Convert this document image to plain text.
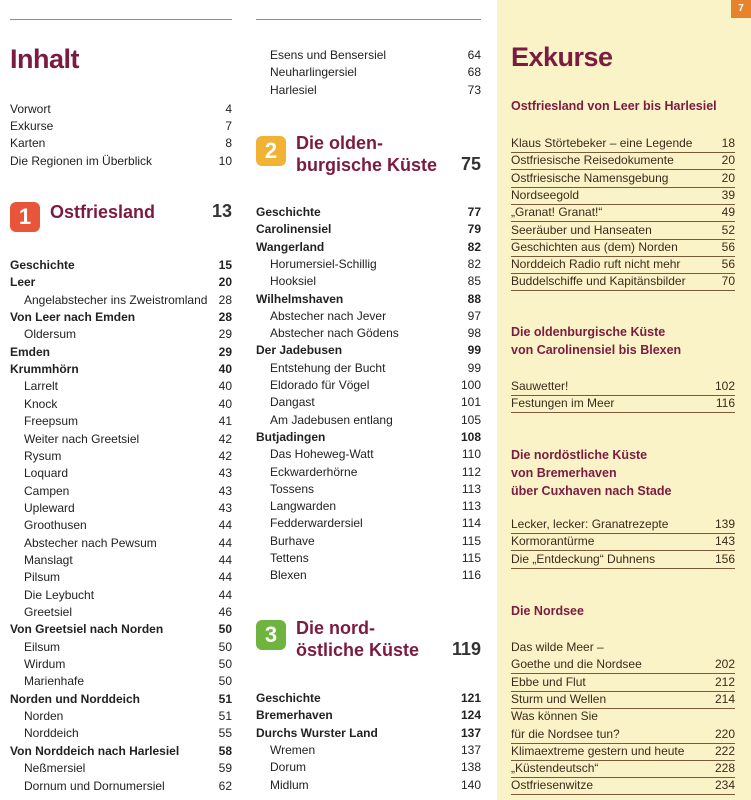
Inhalt
Vorwort	4
Exkurse	7
Karten	8
Die Regionen im Überblick	10
1	Ostfriesland	13
Geschichte	15
Leer	20
Angelabstecher ins Zweistromland 28
Von Leer nach Emden	28
Oldersum	29
Emden	29
Krummhörn	40
Larrelt	40
Knock	40
Freepsum	41
Weiter nach Greetsiel	42
Rysum	42
Loquard	43
Campen	43
Upleward	43
Groothusen	44
Abstecher nach Pewsum	44
Manslagt	44
Pilsum	44
Die Leybucht	44
Greetsiel	46
Von Greetsiel nach Norden	50
Eilsum	50
Wirdum	50
Marienhafe	50
Norden und Norddeich	51
Norden	51
Norddeich	55
Von Norddeich nach Harlesiel	58
Neßmersiel	59
Dornum und Dornumersiel	62
Esens und Bensersiel	64
Neuharlingersiel	68
Harlesiel	73
2	Die olden-
burgische Küste 75
Geschichte	77
Carolinensiel	79
Wangerland	82
Horumersiel-Schillig	82
Hooksiel	85
Wilhelmshaven	88
Abstecher nach Jever	97
Abstecher nach Gödens	98
Der Jadebusen	99
Entstehung der Bucht	99
Eldorado für Vögel	100
Dangast	101
Am Jadebusen entlang	105
Butjadingen	108
Das Hoheweg-Watt	110
Eckwarderhörne	112
Tossens	113
Langwarden	113
Fedderwardersiel	114
Burhave	115
Tettens	115
Blexen	116
3	Die nord-
östliche Küste 119
Geschichte	121
Bremerhaven	124
Durchs Wurster Land	137
Wremen	137
Dorum	138
Midlum	140
7
Exkurse
Ostfriesland von Leer bis Harlesiel
Klaus Störtebeker – eine Legende 18
Ostfriesische Reisedokumente	20
Ostfriesische Namensgebung	20
Nordseegold	39
„Granat! Granat!“	49
Seeräuber und Hanseaten	52
Geschichten aus (dem) Norden	56
Norddeich Radio ruft nicht mehr	56
Buddelschiffe und Kapitänsbilder	70
Die oldenburgische Küste
von Carolinensiel bis Blexen
Sauwetter!	102
Festungen im Meer	116
Die nordöstliche Küste
von Bremerhaven
über Cuxhaven nach Stade
Lecker, lecker: Granatrezepte	139
Kormorantürme	143
Die „Entdeckung“ Duhnens	156
Die Nordsee
Das wilde Meer –
Goethe und die Nordsee	202
Ebbe und Flut	212
Sturm und Wellen	214
Was können Sie
für die Nordsee tun?	220
Klimaextreme gestern und heute	222
„Küstendeutsch“	228
Ostfriesenwitze	234
